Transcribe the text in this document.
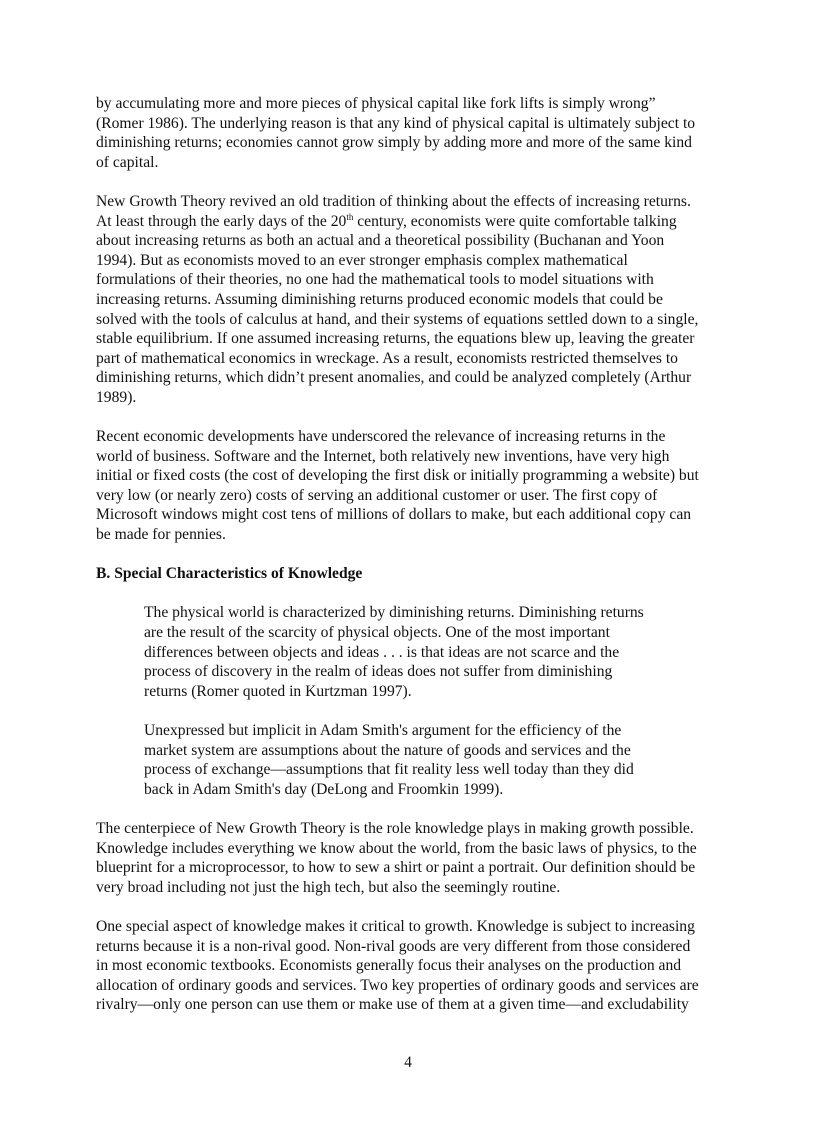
by accumulating more and more pieces of physical capital like fork lifts is simply wrong”
(Romer 1986). The underlying reason is that any kind of physical capital is ultimately subject to
diminishing returns; economies cannot grow simply by adding more and more of the same kind
of capital.
New Growth Theory revived an old tradition of thinking about the effects of increasing returns.
At least through the early days of the 20th century, economists were quite comfortable talking
about increasing returns as both an actual and a theoretical possibility (Buchanan and Yoon
1994). But as economists moved to an ever stronger emphasis complex mathematical
formulations of their theories, no one had the mathematical tools to model situations with
increasing returns. Assuming diminishing returns produced economic models that could be
solved with the tools of calculus at hand, and their systems of equations settled down to a single,
stable equilibrium. If one assumed increasing returns, the equations blew up, leaving the greater
part of mathematical economics in wreckage. As a result, economists restricted themselves to
diminishing returns, which didn’t present anomalies, and could be analyzed completely (Arthur
1989).
Recent economic developments have underscored the relevance of increasing returns in the
world of business. Software and the Internet, both relatively new inventions, have very high
initial or fixed costs (the cost of developing the first disk or initially programming a website) but
very low (or nearly zero) costs of serving an additional customer or user. The first copy of
Microsoft windows might cost tens of millions of dollars to make, but each additional copy can
be made for pennies.
B. Special Characteristics of Knowledge
The physical world is characterized by diminishing returns. Diminishing returns
are the result of the scarcity of physical objects. One of the most important
differences between objects and ideas . . . is that ideas are not scarce and the
process of discovery in the realm of ideas does not suffer from diminishing
returns (Romer quoted in Kurtzman 1997).
Unexpressed but implicit in Adam Smith's argument for the efficiency of the
market system are assumptions about the nature of goods and services and the
process of exchange—assumptions that fit reality less well today than they did
back in Adam Smith's day (DeLong and Froomkin 1999).
The centerpiece of New Growth Theory is the role knowledge plays in making growth possible.
Knowledge includes everything we know about the world, from the basic laws of physics, to the
blueprint for a microprocessor, to how to sew a shirt or paint a portrait. Our definition should be
very broad including not just the high tech, but also the seemingly routine.
One special aspect of knowledge makes it critical to growth. Knowledge is subject to increasing
returns because it is a non-rival good. Non-rival goods are very different from those considered
in most economic textbooks. Economists generally focus their analyses on the production and
allocation of ordinary goods and services. Two key properties of ordinary goods and services are
rivalry—only one person can use them or make use of them at a given time—and excludability
4
